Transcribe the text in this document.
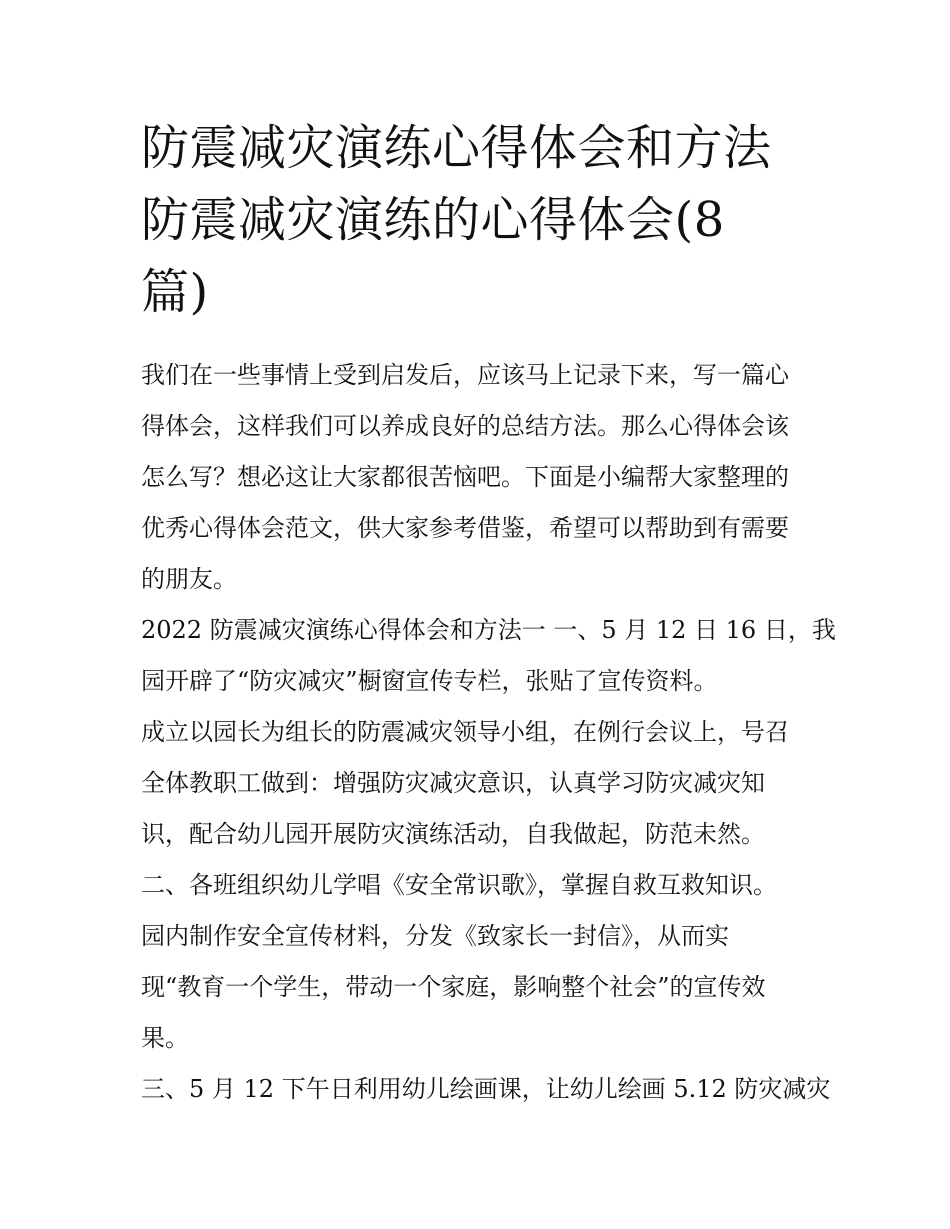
防震减灾演练心得体会和方法
防震减灾演练的心得体会(8
篇)

我们在一些事情上受到启发后，应该马上记录下来，写一篇心
得体会，这样我们可以养成良好的总结方法。那么心得体会该
怎么写？想必这让大家都很苦恼吧。下面是小编帮大家整理的
优秀心得体会范文，供大家参考借鉴，希望可以帮助到有需要
的朋友。

2022 防震减灾演练心得体会和方法一 一、5 月 12 日 16 日，我
园开辟了“防灾减灾”橱窗宣传专栏，张贴了宣传资料。

成立以园长为组长的防震减灾领导小组，在例行会议上，号召
全体教职工做到：增强防灾减灾意识，认真学习防灾减灾知
识，配合幼儿园开展防灾演练活动，自我做起，防范未然。

二、各班组织幼儿学唱《安全常识歌》，掌握自救互救知识。
园内制作安全宣传材料，分发《致家长一封信》，从而实
现“教育一个学生，带动一个家庭，影响整个社会”的宣传效
果。

三、5 月 12 下午日利用幼儿绘画课，让幼儿绘画 5.12 防灾减灾
